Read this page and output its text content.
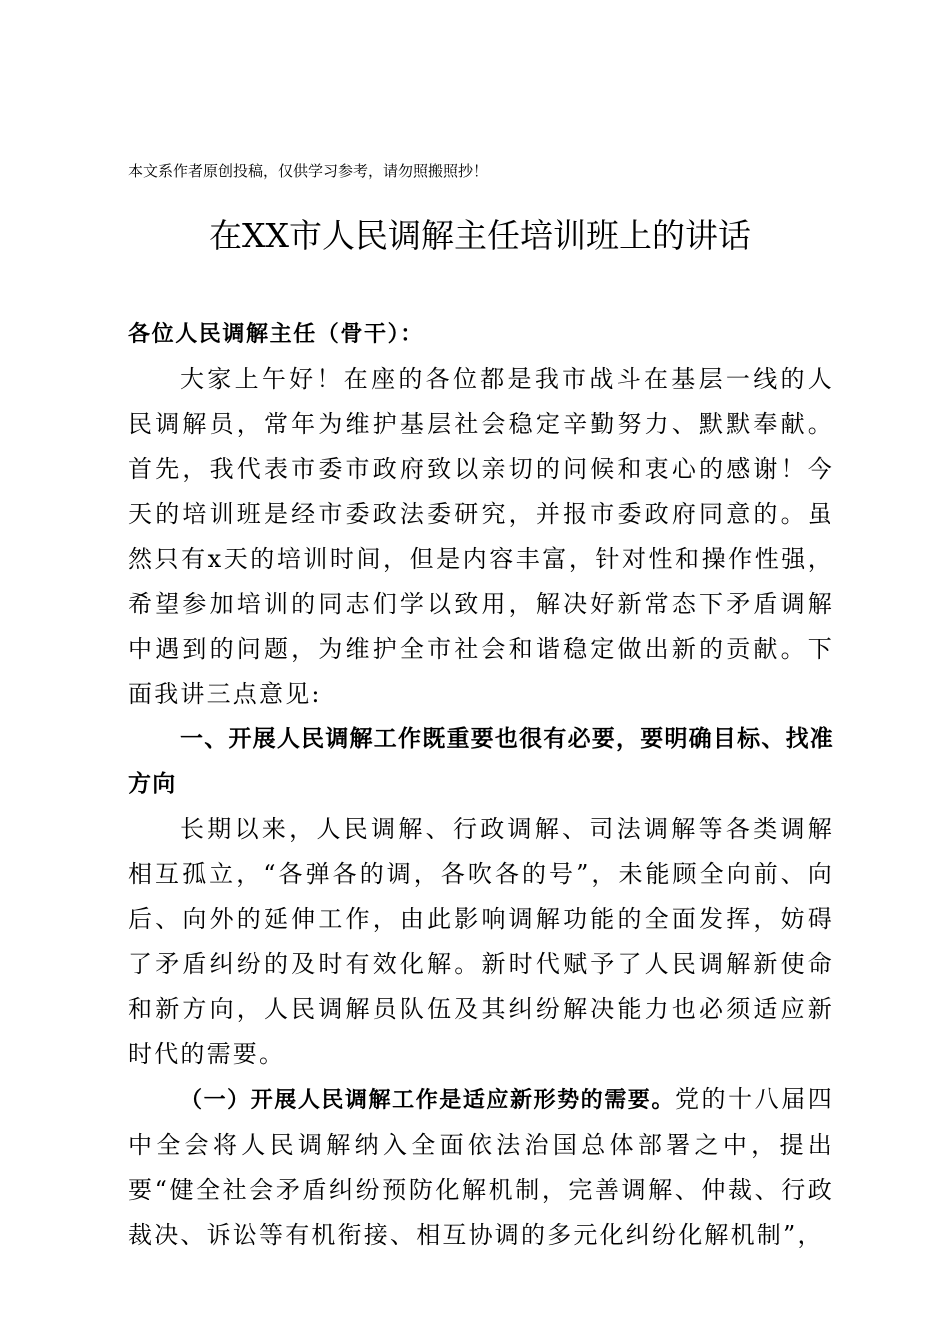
本文系作者原创投稿，仅供学习参考，请勿照搬照抄！
在XX市人民调解主任培训班上的讲话

各位人民调解主任（骨干）：

大家上午好！在座的各位都是我市战斗在基层一线的人民调解员，常年为维护基层社会稳定辛勤努力、默默奉献。首先，我代表市委市政府致以亲切的问候和衷心的感谢！今天的培训班是经市委政法委研究，并报市委政府同意的。虽然只有x天的培训时间，但是内容丰富，针对性和操作性强，希望参加培训的同志们学以致用，解决好新常态下矛盾调解中遇到的问题，为维护全市社会和谐稳定做出新的贡献。下面我讲三点意见:

一、开展人民调解工作既重要也很有必要，要明确目标、找准方向

长期以来，人民调解、行政调解、司法调解等各类调解相互孤立，“各弹各的调，各吹各的号”，未能顾全向前、向后、向外的延伸工作，由此影响调解功能的全面发挥，妨碍了矛盾纠纷的及时有效化解。新时代赋予了人民调解新使命和新方向，人民调解员队伍及其纠纷解决能力也必须适应新时代的需要。

（一）开展人民调解工作是适应新形势的需要。党的十八届四中全会将人民调解纳入全面依法治国总体部署之中，提出要“健全社会矛盾纠纷预防化解机制，完善调解、仲裁、行政裁决、诉讼等有机衔接、相互协调的多元化纠纷化解机制”，
